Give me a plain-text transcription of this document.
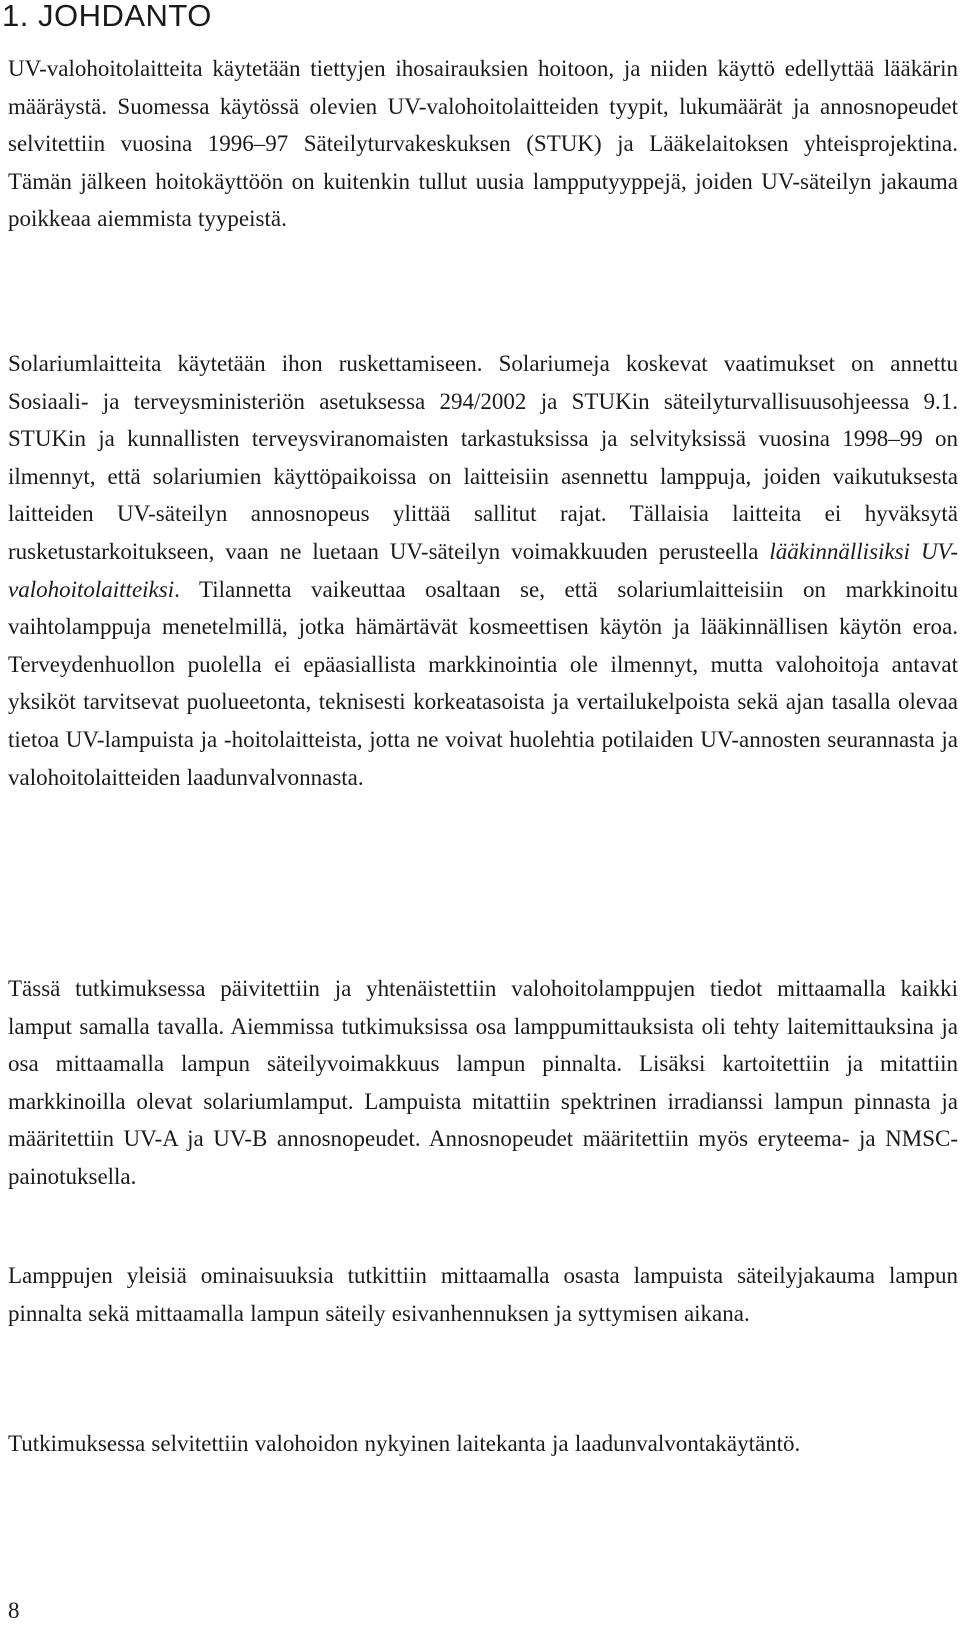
1. JOHDANTO

UV-valohoitolaitteita käytetään tiettyjen ihosairauksien hoitoon, ja niiden käyttö edellyttää lääkärin määräystä. Suomessa käytössä olevien UV-valohoitolaitteiden tyypit, lukumäärät ja annosnopeudet selvitettiin vuosina 1996–97 Säteilyturvakeskuksen (STUK) ja Lääkelaitoksen yhteisprojektina. Tämän jälkeen hoitokäyttöön on kuitenkin tullut uusia lampputyyppejä, joiden UV-säteilyn jakauma poikkeaa aiemmista tyypeistä.

Solariumlaitteita käytetään ihon ruskettamiseen. Solariumeja koskevat vaatimukset on annettu Sosiaali- ja terveysministeriön asetuksessa 294/2002 ja STUKin säteilyturvallisuusohjeessa 9.1. STUKin ja kunnallisten terveysviranomaisten tarkastuksissa ja selvityksissä vuosina 1998–99 on ilmennyt, että solariumien käyttöpaikoissa on laitteisiin asennettu lamppuja, joiden vaikutuksesta laitteiden UV-säteilyn annosnopeus ylittää sallitut rajat. Tällaisia laitteita ei hyväksytä rusketustarkoitukseen, vaan ne luetaan UV-säteilyn voimakkuuden perusteella lääkinnällisiksi UV-valohoitolaitteiksi. Tilannetta vaikeuttaa osaltaan se, että solariumlaitteisiin on markkinoitu vaihtolamppuja menetelmillä, jotka hämärtävät kosmeettisen käytön ja lääkinnällisen käytön eroa. Terveydenhuollon puolella ei epäasiallista markkinointia ole ilmennyt, mutta valohoitoja antavat yksiköt tarvitsevat puolueetonta, teknisesti korkeatasoista ja vertailukelpoista sekä ajan tasalla olevaa tietoa UV-lampuista ja -hoitolaitteista, jotta ne voivat huolehtia potilaiden UV-annosten seurannasta ja valohoitolaitteiden laadunvalvonnasta.

Tässä tutkimuksessa päivitettiin ja yhtenäistettiin valohoitolamppujen tiedot mittaamalla kaikki lamput samalla tavalla. Aiemmissa tutkimuksissa osa lamppumittauksista oli tehty laitemittauksina ja osa mittaamalla lampun säteilyvoimakkuus lampun pinnalta. Lisäksi kartoitettiin ja mitattiin markkinoilla olevat solariumlamput. Lampuista mitattiin spektrinen irradianssi lampun pinnasta ja määritettiin UV-A ja UV-B annosnopeudet. Annosnopeudet määritettiin myös eryteema- ja NMSC-painotuksella.

Lamppujen yleisiä ominaisuuksia tutkittiin mittaamalla osasta lampuista säteilyjakauma lampun pinnalta sekä mittaamalla lampun säteily esivanhennuksen ja syttymisen aikana.

Tutkimuksessa selvitettiin valohoidon nykyinen laitekanta ja laadunvalvontakäytäntö.

8
